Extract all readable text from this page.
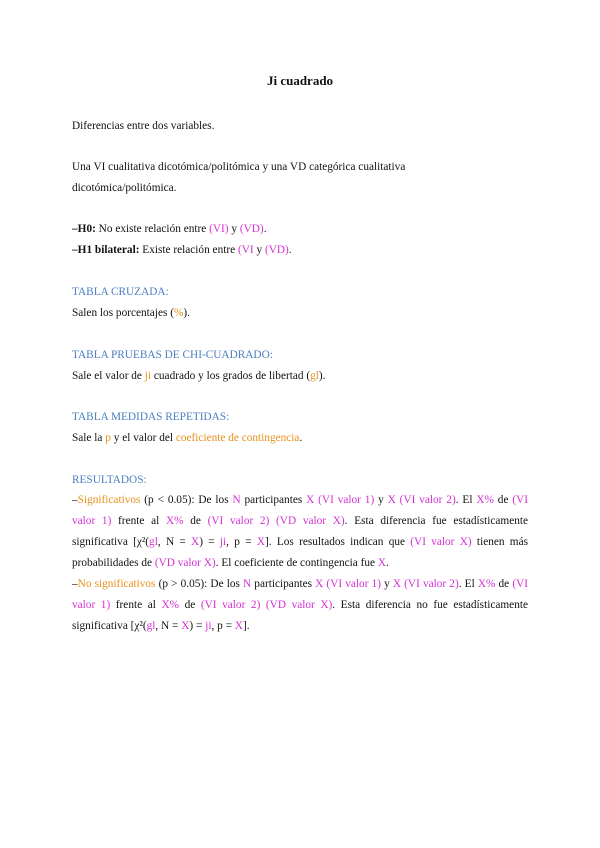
Ji cuadrado
Diferencias entre dos variables.
Una VI cualitativa dicotómica/politómica y una VD categórica cualitativa
dicotómica/politómica.
–H0: No existe relación entre (VI) y (VD).
–H1 bilateral: Existe relación entre (VI y (VD).
TABLA CRUZADA:
Salen los porcentajes (%).
TABLA PRUEBAS DE CHI-CUADRADO:
Sale el valor de ji cuadrado y los grados de libertad (gl).
TABLA MEDIDAS REPETIDAS:
Sale la p y el valor del coeficiente de contingencia.
RESULTADOS:
–Significativos (p < 0.05): De los N participantes X (VI valor 1) y X (VI valor 2). El X% de (VI valor 1) frente al X% de (VI valor 2) (VD valor X). Esta diferencia fue estadísticamente significativa [χ²(gl, N = X) = ji, p = X]. Los resultados indican que (VI valor X) tienen más probabilidades de (VD valor X). El coeficiente de contingencia fue X.
–No significativos (p > 0.05): De los N participantes X (VI valor 1) y X (VI valor 2). El X% de (VI valor 1) frente al X% de (VI valor 2) (VD valor X). Esta diferencia no fue estadísticamente significativa [χ²(gl, N = X) = ji, p = X].
